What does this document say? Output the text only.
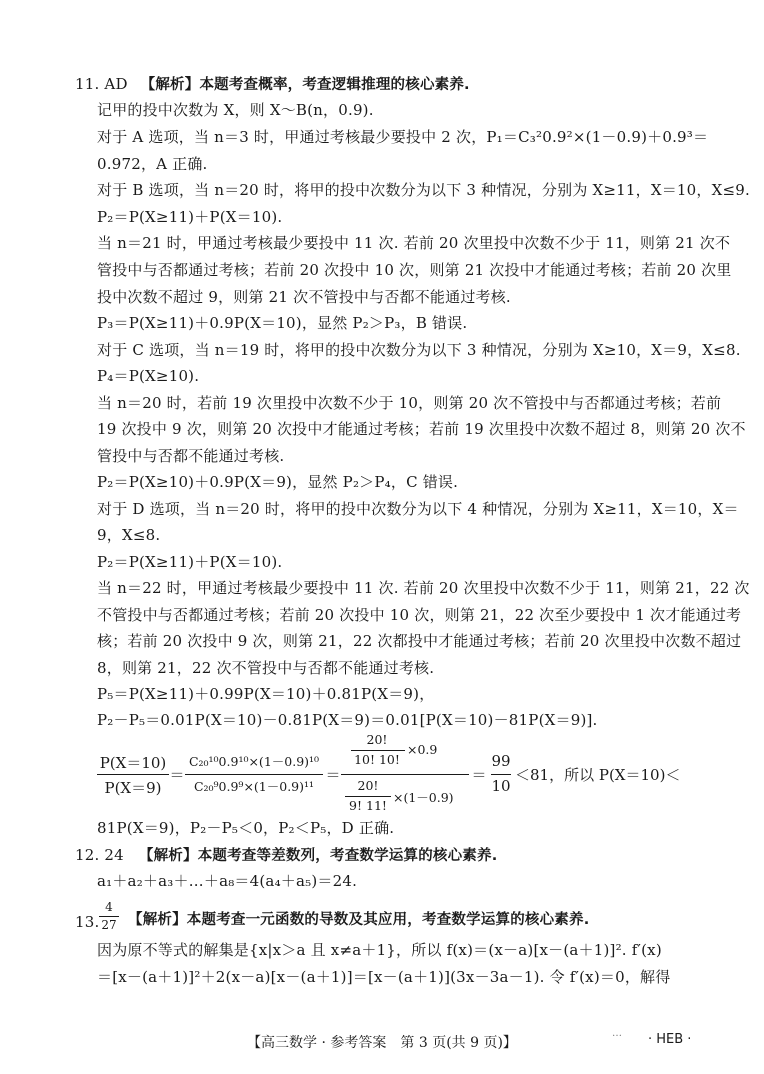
11. AD 【解析】本题考查概率，考查逻辑推理的核心素养.
记甲的投中次数为 X，则 X～B(n，0.9).
对于 A 选项，当 n＝3 时，甲通过考核最少要投中 2 次，P₁＝C₃²0.9²×(1－0.9)＋0.9³＝
0.972，A 正确.
对于 B 选项，当 n＝20 时，将甲的投中次数分为以下 3 种情况，分别为 X≥11，X＝10，X≤9.
P₂＝P(X≥11)＋P(X＝10).
当 n＝21 时，甲通过考核最少要投中 11 次. 若前 20 次里投中次数不少于 11，则第 21 次不
管投中与否都通过考核；若前 20 次投中 10 次，则第 21 次投中才能通过考核；若前 20 次里
投中次数不超过 9，则第 21 次不管投中与否都不能通过考核.
P₃＝P(X≥11)＋0.9P(X＝10)，显然 P₂＞P₃，B 错误.
对于 C 选项，当 n＝19 时，将甲的投中次数分为以下 3 种情况，分别为 X≥10，X＝9，X≤8.
P₄＝P(X≥10).
当 n＝20 时，若前 19 次里投中次数不少于 10，则第 20 次不管投中与否都通过考核；若前
19 次投中 9 次，则第 20 次投中才能通过考核；若前 19 次里投中次数不超过 8，则第 20 次不
管投中与否都不能通过考核.
P₂＝P(X≥10)＋0.9P(X＝9)，显然 P₂＞P₄，C 错误.
对于 D 选项，当 n＝20 时，将甲的投中次数分为以下 4 种情况，分别为 X≥11，X＝10，X＝
9，X≤8.
P₂＝P(X≥11)＋P(X＝10).
当 n＝22 时，甲通过考核最少要投中 11 次. 若前 20 次里投中次数不少于 11，则第 21，22 次
不管投中与否都通过考核；若前 20 次投中 10 次，则第 21，22 次至少要投中 1 次才能通过考
核；若前 20 次投中 9 次，则第 21，22 次都投中才能通过考核；若前 20 次里投中次数不超过
8，则第 21，22 次不管投中与否都不能通过考核.
P₅＝P(X≥11)＋0.99P(X＝10)＋0.81P(X＝9)，
P₂－P₅＝0.01P(X＝10)－0.81P(X＝9)＝0.01[P(X＝10)－81P(X＝9)].
P(X＝10)
P(X＝9)
＝
C₂₀¹⁰0.9¹⁰×(1－0.9)¹⁰
C₂₀⁹0.9⁹×(1－0.9)¹¹
＝
20!
10! 10!
×0.9
20!
9! 11!
×(1－0.9)
＝
99
10
＜81，所以 P(X＝10)＜
81P(X＝9)，P₂－P₅＜0，P₂＜P₅，D 正确.
12. 24 【解析】本题考查等差数列，考查数学运算的核心素养.
a₁＋a₂＋a₃＋…＋a₈＝4(a₄＋a₅)＝24.
13.
4
27 【解析】本题考查一元函数的导数及其应用，考查数学运算的核心素养.
因为原不等式的解集是{x|x＞a 且 x≠a＋1}，所以 f(x)＝(x－a)[x－(a＋1)]². f′(x)
＝[x－(a＋1)]²＋2(x－a)[x－(a＋1)]＝[x－(a＋1)](3x－3a－1). 令 f′(x)＝0，解得
【高三数学 · 参考答案　第 3 页(共 9 页)】
… · HEB ·
